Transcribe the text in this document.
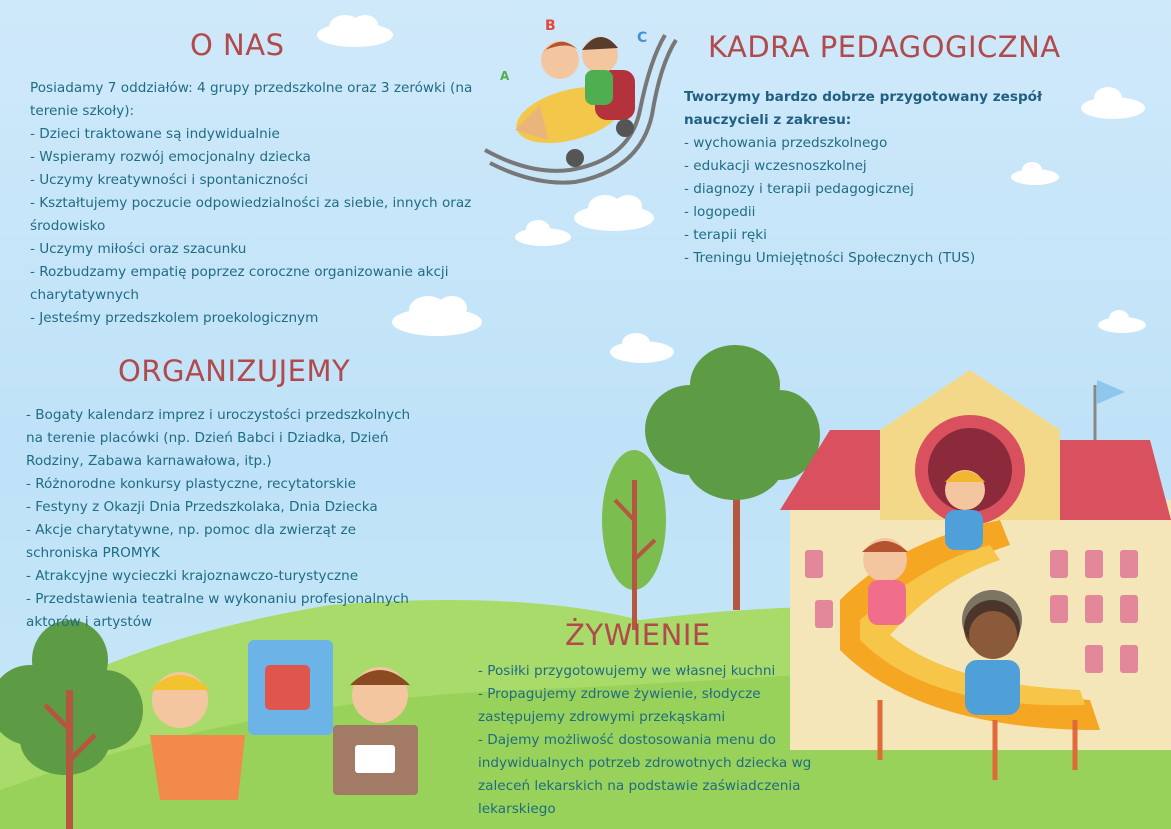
B
C
A
O NAS

Posiadamy 7 oddziałów: 4 grupy przedszkolne oraz 3 zerówki (na terenie szkoły):

- Dzieci traktowane są indywidualnie
- Wspieramy rozwój emocjonalny dziecka
- Uczymy kreatywności i spontaniczności
- Kształtujemy poczucie odpowiedzialności za siebie, innych oraz środowisko
- Uczymy miłości oraz szacunku
- Rozbudzamy empatię poprzez coroczne organizowanie akcji charytatywnych
- Jesteśmy przedszkolem proekologicznym
ORGANIZUJEMY
- Bogaty kalendarz imprez i uroczystości przedszkolnych na terenie placówki (np. Dzień Babci i Dziadka, Dzień Rodziny, Zabawa karnawałowa, itp.)
- Różnorodne konkursy plastyczne, recytatorskie
- Festyny z Okazji Dnia Przedszkolaka, Dnia Dziecka
- Akcje charytatywne, np. pomoc dla zwierząt ze schroniska PROMYK
- Atrakcyjne wycieczki krajoznawczo-turystyczne
- Przedstawienia teatralne w wykonaniu profesjonalnych aktorów i artystów
KADRA PEDAGOGICZNA

Tworzymy bardzo dobrze przygotowany zespół nauczycieli z zakresu:

- wychowania przedszkolnego
- edukacji wczesnoszkolnej
- diagnozy i terapii pedagogicznej
- logopedii
- terapii ręki
- Treningu Umiejętności Społecznych (TUS)
ŻYWIENIE
- Posiłki przygotowujemy we własnej kuchni
- Propagujemy zdrowe żywienie, słodycze zastępujemy zdrowymi przekąskami
- Dajemy możliwość dostosowania menu do indywidualnych potrzeb zdrowotnych dziecka wg zaleceń lekarskich na podstawie zaświadczenia lekarskiego
